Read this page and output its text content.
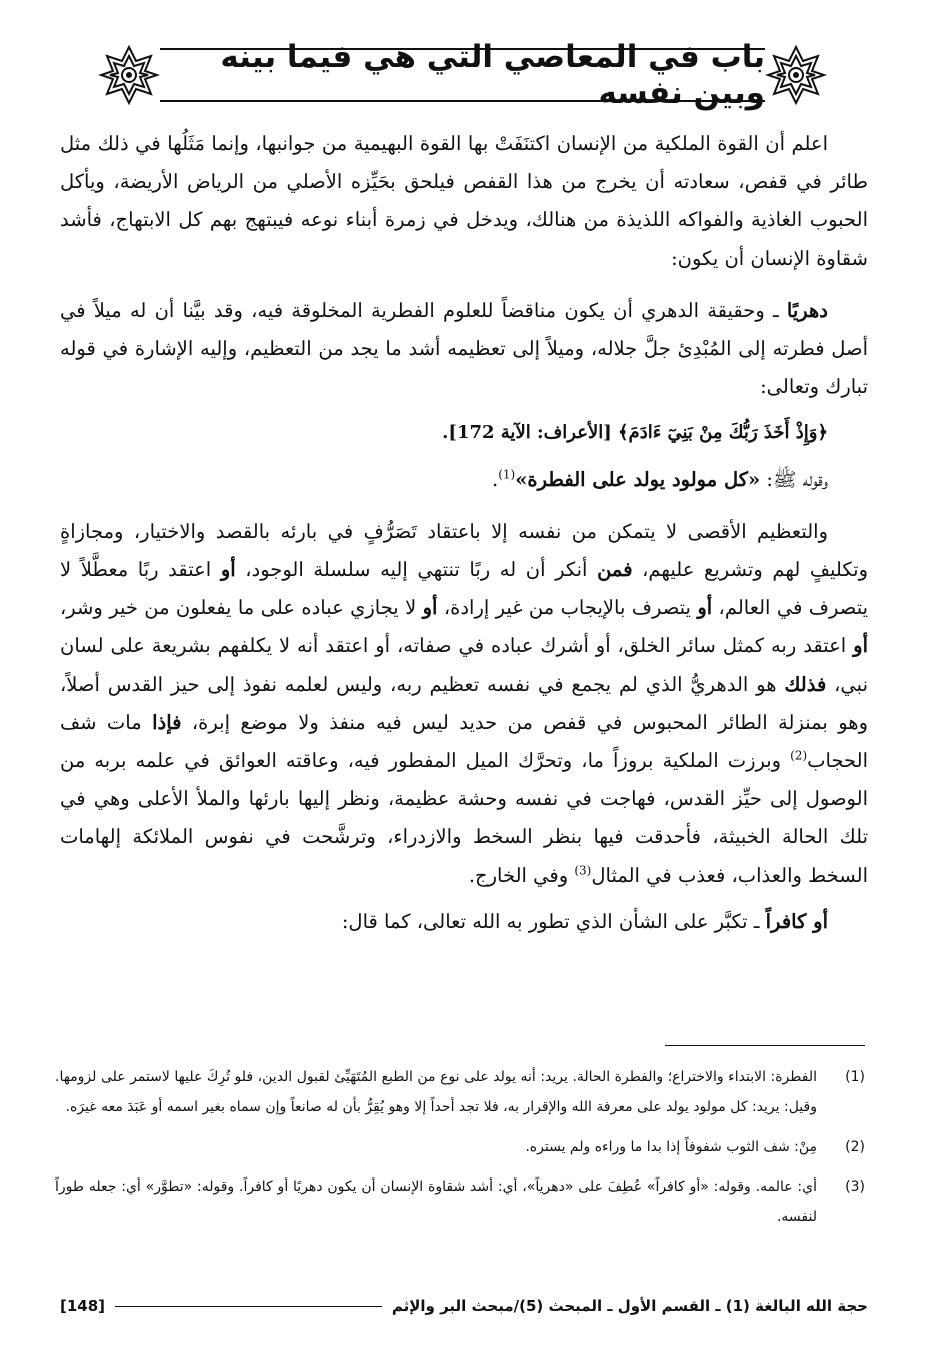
باب في المعاصي التي هي فيما بينه وبين نفسه

اعلم أن القوة الملكية من الإنسان اكتنَفَتْ بها القوة البهيمية من جوانبها، وإنما مَثَلُها في ذلك مثل طائر في قفص، سعادته أن يخرج من هذا القفص فيلحق بحَيِّزه الأصلي من الرياض الأريضة، ويأكل الحبوب الغاذية والفواكه اللذيذة من هنالك، ويدخل في زمرة أبناء نوعه فيبتهج بهم كل الابتهاج، فأشد شقاوة الإنسان أن يكون:

دهريًا ـ وحقيقة الدهري أن يكون مناقضاً للعلوم الفطرية المخلوقة فيه، وقد بيَّنا أن له ميلاً في أصل فطرته إلى المُبْدِئ جلَّ جلاله، وميلاً إلى تعظيمه أشد ما يجد من التعظيم، وإليه الإشارة في قوله تبارك وتعالى:

﴿وَإِذْ أَخَذَ رَبُّكَ مِنْ بَنِيٓ ءَادَمَ﴾ [الأعراف: الآية 172].

وقوله ﷺ: «كل مولود يولد على الفطرة»$^{(1)}$.

والتعظيم الأقصى لا يتمكن من نفسه إلا باعتقاد تَصَرُّفٍ في بارئه بالقصد والاختيار، ومجازاةٍ وتكليفٍ لهم وتشريع عليهم، فمن أنكر أن له ربًا تنتهي إليه سلسلة الوجود، أو اعتقد ربًا معطَّلاً لا يتصرف في العالم، أو يتصرف بالإيجاب من غير إرادة، أو لا يجازي عباده على ما يفعلون من خير وشر، أو اعتقد ربه كمثل سائر الخلق، أو أشرك عباده في صفاته، أو اعتقد أنه لا يكلفهم بشريعة على لسان نبي، فذلك هو الدهريُّ الذي لم يجمع في نفسه تعظيم ربه، وليس لعلمه نفوذ إلى حيز القدس أصلاً، وهو بمنزلة الطائر المحبوس في قفص من حديد ليس فيه منفذ ولا موضع إبرة، فإذا مات شف الحجاب$^{(2)}$ وبرزت الملكية بروزاً ما، وتحرَّك الميل المفطور فيه، وعاقته العوائق في علمه بربه من الوصول إلى حيِّز القدس، فهاجت في نفسه وحشة عظيمة، ونظر إليها بارئها والملأ الأعلى وهي في تلك الحالة الخبيثة، فأحدقت فيها بنظر السخط والازدراء، وترشَّحت في نفوس الملائكة إلهامات السخط والعذاب، فعذب في المثال$^{(3)}$ وفي الخارج.

أو كافراً ـ تكبَّر على الشأن الذي تطور به الله تعالى، كما قال:

(1)
الفطرة: الابتداء والاختراع؛ والفطرة الحالة. يريد: أنه يولد على نوع من الطبع المُتَهَيِّئ لقبول الدين، فلو تُرِكَ عليها لاستمر على لزومها. وقيل: يريد: كل مولود يولد على معرفة الله والإقرار به، فلا تجد أحداً إلا وهو يُقِرُّ بأن له صانعاً وإن سماه بغير اسمه أو عَبَدَ معه غيرَه.
(2)
مِنْ: شف الثوب شفوفاً إذا بدا ما وراءه ولم يستره.
(3)
أي: عالمه. وقوله: «أو كافراً» عُطِفَ على «دهرياً»، أي: أشد شقاوة الإنسان أن يكون دهريًا أو كافراً. وقوله: «تطوَّر» أي: جعله طوراً لنفسه.
حجة الله البالغة (1) ـ القسم الأول ـ المبحث (5)/مبحث البر والإثم
[148]
